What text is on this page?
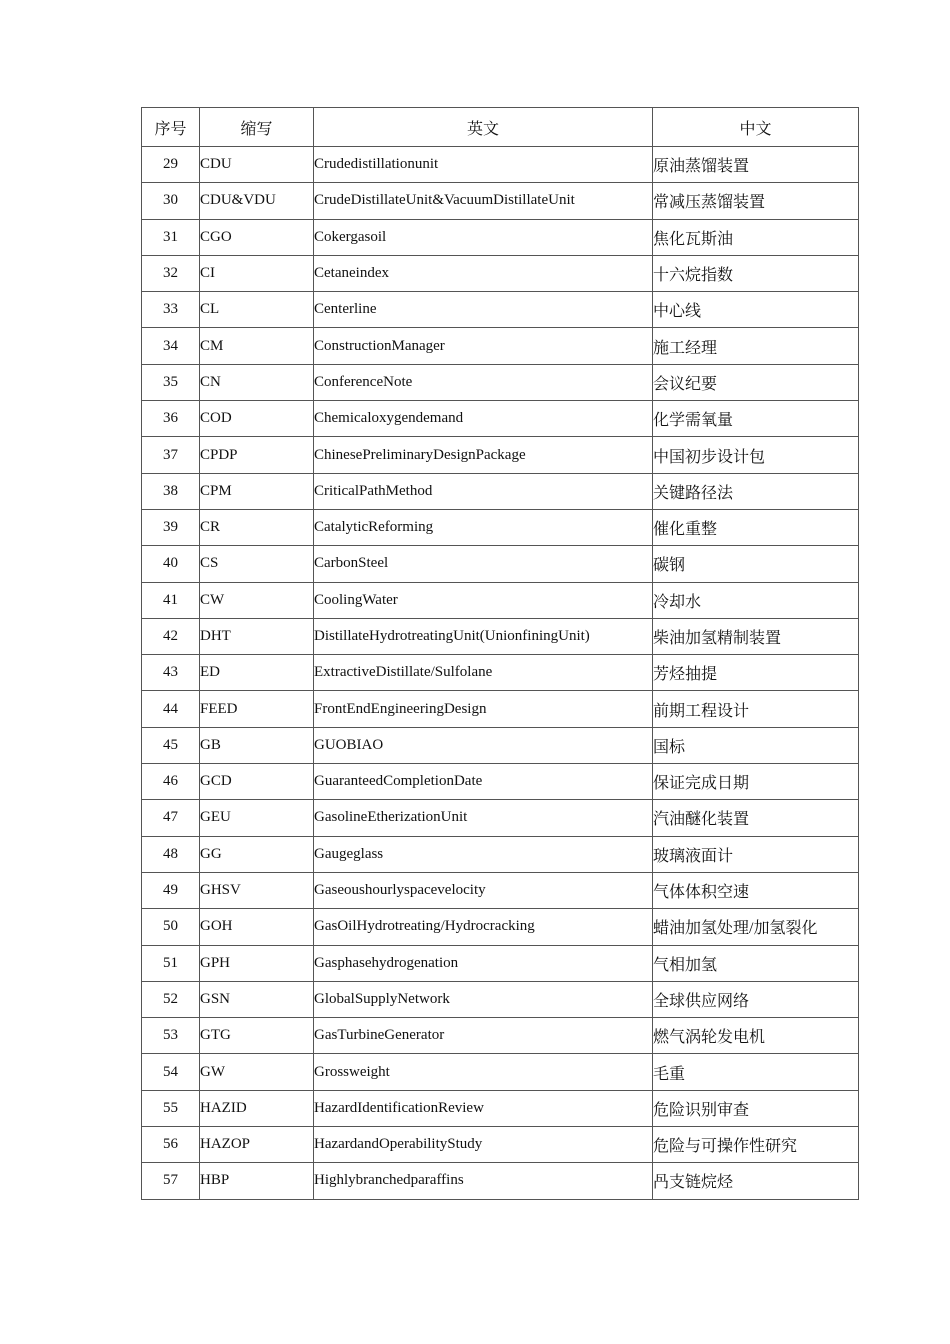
序号	缩写	英文	中文
29	CDU	Crudedistillationunit	原油蒸馏装置
30	CDU&VDU	CrudeDistillateUnit&VacuumDistillateUnit	常减压蒸馏装置
31	CGO	Cokergasoil	焦化瓦斯油
32	CI	Cetaneindex	十六烷指数
33	CL	Centerline	中心线
34	CM	ConstructionManager	施工经理
35	CN	ConferenceNote	会议纪要
36	COD	Chemicaloxygendemand	化学需氧量
37	CPDP	ChinesePreliminaryDesignPackage	中国初步设计包
38	CPM	CriticalPathMethod	关键路径法
39	CR	CatalyticReforming	催化重整
40	CS	CarbonSteel	碳钢
41	CW	CoolingWater	冷却水
42	DHT	DistillateHydrotreatingUnit(UnionfiningUnit)	柴油加氢精制装置
43	ED	ExtractiveDistillate/Sulfolane	芳烃抽提
44	FEED	FrontEndEngineeringDesign	前期工程设计
45	GB	GUOBIAO	国标
46	GCD	GuaranteedCompletionDate	保证完成日期
47	GEU	GasolineEtherizationUnit	汽油醚化装置
48	GG	Gaugeglass	玻璃液面计
49	GHSV	Gaseoushourlyspacevelocity	气体体积空速
50	GOH	GasOilHydrotreating/Hydrocracking	蜡油加氢处理/加氢裂化
51	GPH	Gasphasehydrogenation	气相加氢
52	GSN	GlobalSupplyNetwork	全球供应网络
53	GTG	GasTurbineGenerator	燃气涡轮发电机
54	GW	Grossweight	毛重
55	HAZID	HazardIdentificationReview	危险识别审查
56	HAZOP	HazardandOperabilityStudy	危险与可操作性研究
57	HBP	Highlybranchedparaffins	冎支链烷烃
